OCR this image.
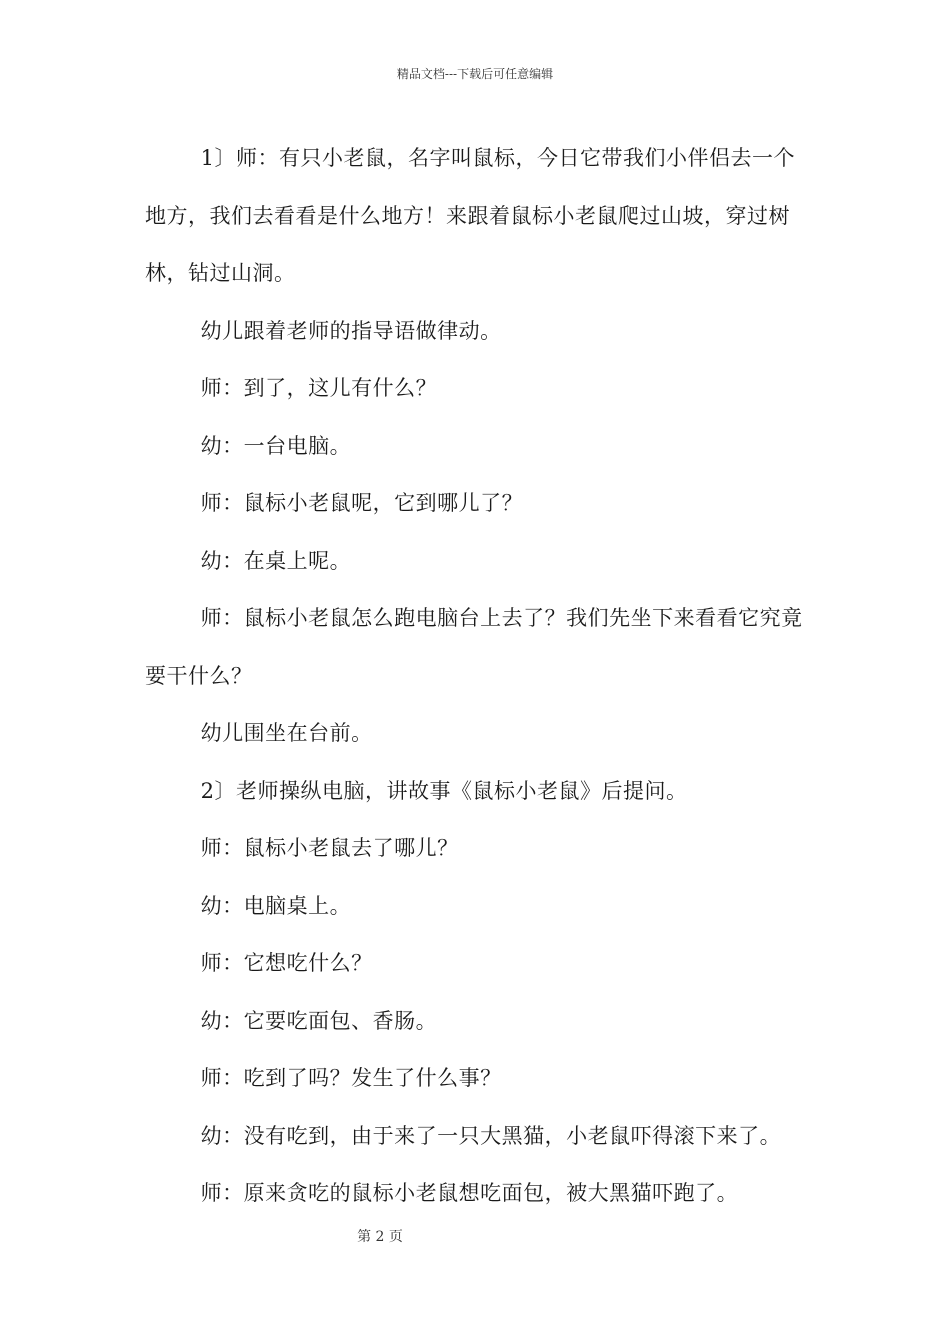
精品文档---下载后可任意编辑

1〕师：有只小老鼠，名字叫鼠标，今日它带我们小伴侣去一个地方，我们去看看是什么地方！来跟着鼠标小老鼠爬过山坡，穿过树林，钻过山洞。

幼儿跟着老师的指导语做律动。

师：到了，这儿有什么？

幼：一台电脑。

师：鼠标小老鼠呢，它到哪儿了？

幼：在桌上呢。

师：鼠标小老鼠怎么跑电脑台上去了？我们先坐下来看看它究竟要干什么？

幼儿围坐在台前。

2〕老师操纵电脑，讲故事《鼠标小老鼠》后提问。

师：鼠标小老鼠去了哪儿？

幼：电脑桌上。

师：它想吃什么？

幼：它要吃面包、香肠。

师：吃到了吗？发生了什么事？

幼：没有吃到，由于来了一只大黑猫，小老鼠吓得滚下来了。

师：原来贪吃的鼠标小老鼠想吃面包，被大黑猫吓跑了。

第 2 页
